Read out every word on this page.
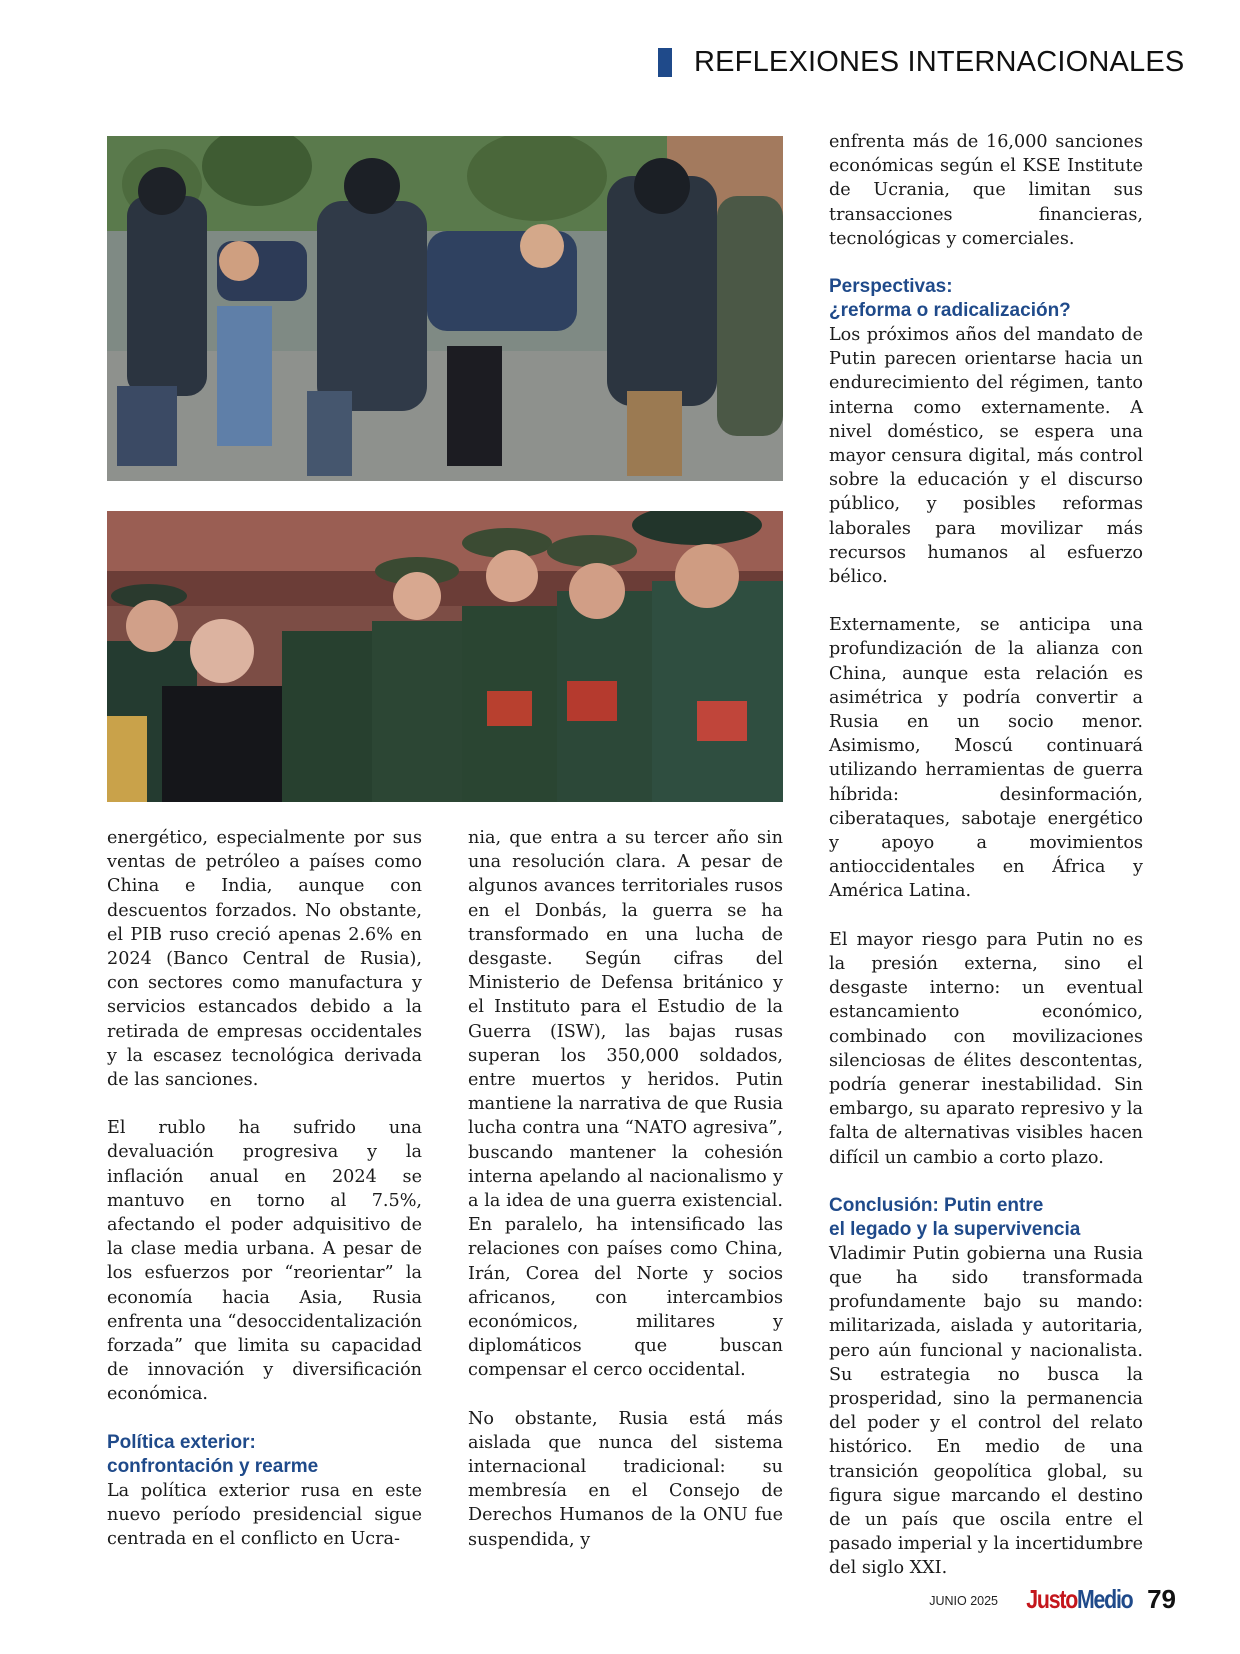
REFLEXIONES INTERNACIONALES

energético, especialmente por sus ventas de petróleo a países como China e India, aunque con descuentos forzados. No obstante, el PIB ruso creció apenas 2.6% en 2024 (Banco Central de Rusia), con sectores como manufactura y servicios estancados debido a la retirada de empresas occidentales y la escasez tecnológica derivada de las sanciones.

El rublo ha sufrido una devaluación progresiva y la inflación anual en 2024 se mantuvo en torno al 7.5%, afectando el poder adquisitivo de la clase media urbana. A pesar de los esfuerzos por “reorientar” la economía hacia Asia, Rusia enfrenta una “desoccidentalización forzada” que limita su capacidad de innovación y diversificación económica.

Política exterior:
confrontación y rearme

La política exterior rusa en este nuevo período presidencial sigue centrada en el conflicto en Ucra-

nia, que entra a su tercer año sin una resolución clara. A pesar de algunos avances territoriales rusos en el Donbás, la guerra se ha transformado en una lucha de desgaste. Según cifras del Ministerio de Defensa británico y el Instituto para el Estudio de la Guerra (ISW), las bajas rusas superan los 350,000 soldados, entre muertos y heridos. Putin mantiene la narrativa de que Rusia lucha contra una “NATO agresiva”, buscando mantener la cohesión interna apelando al nacionalismo y a la idea de una guerra existencial. En paralelo, ha intensificado las relaciones con países como China, Irán, Corea del Norte y socios africanos, con intercambios económicos, militares y diplomáticos que buscan compensar el cerco occidental.

No obstante, Rusia está más aislada que nunca del sistema internacional tradicional: su membresía en el Consejo de Derechos Humanos de la ONU fue suspendida, y

enfrenta más de 16,000 sanciones económicas según el KSE Institute de Ucrania, que limitan sus transacciones financieras, tecnológicas y comerciales.

Perspectivas:
¿reforma o radicalización?

Los próximos años del mandato de Putin parecen orientarse hacia un endurecimiento del régimen, tanto interna como externamente. A nivel doméstico, se espera una mayor censura digital, más control sobre la educación y el discurso público, y posibles reformas laborales para movilizar más recursos humanos al esfuerzo bélico.

Externamente, se anticipa una profundización de la alianza con China, aunque esta relación es asimétrica y podría convertir a Rusia en un socio menor. Asimismo, Moscú continuará utilizando herramientas de guerra híbrida: desinformación, ciberataques, sabotaje energético y apoyo a movimientos antioccidentales en África y América Latina.

El mayor riesgo para Putin no es la presión externa, sino el desgaste interno: un eventual estancamiento económico, combinado con movilizaciones silenciosas de élites descontentas, podría generar inestabilidad. Sin embargo, su aparato represivo y la falta de alternativas visibles hacen difícil un cambio a corto plazo.

Conclusión: Putin entre
el legado y la supervivencia

Vladimir Putin gobierna una Rusia que ha sido transformada profundamente bajo su mando: militarizada, aislada y autoritaria, pero aún funcional y nacionalista. Su estrategia no busca la prosperidad, sino la permanencia del poder y el control del relato histórico. En medio de una transición geopolítica global, su figura sigue marcando el destino de un país que oscila entre el pasado imperial y la incertidumbre del siglo XXI.

JUNIO 2025 JustoMedio 79
